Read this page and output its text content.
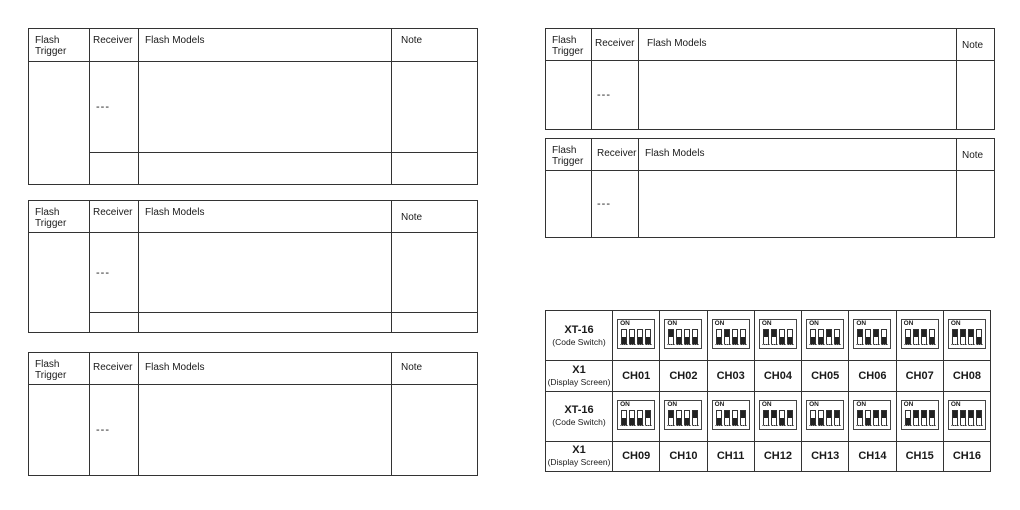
Flash
Trigger	Receiver	Flash Models	Note
	---		

Flash
Trigger	Receiver	Flash Models	Note
	---		

Flash
Trigger	Receiver	Flash Models	Note
	---		
Flash
Trigger	Receiver	Flash Models	Note
	---		
Flash
Trigger	Receiver	Flash Models	Note
	---		
XT-16
(Code Switch)	ON	ON	ON	ON	ON	ON	ON	ON

X1
(Display Screen)	CH01	CH02	CH03	CH04	CH05	CH06	CH07	CH08

XT-16
(Code Switch)	ON	ON	ON	ON	ON	ON	ON	ON

X1
(Display Screen)	CH09	CH10	CH11	CH12	CH13	CH14	CH15	CH16
